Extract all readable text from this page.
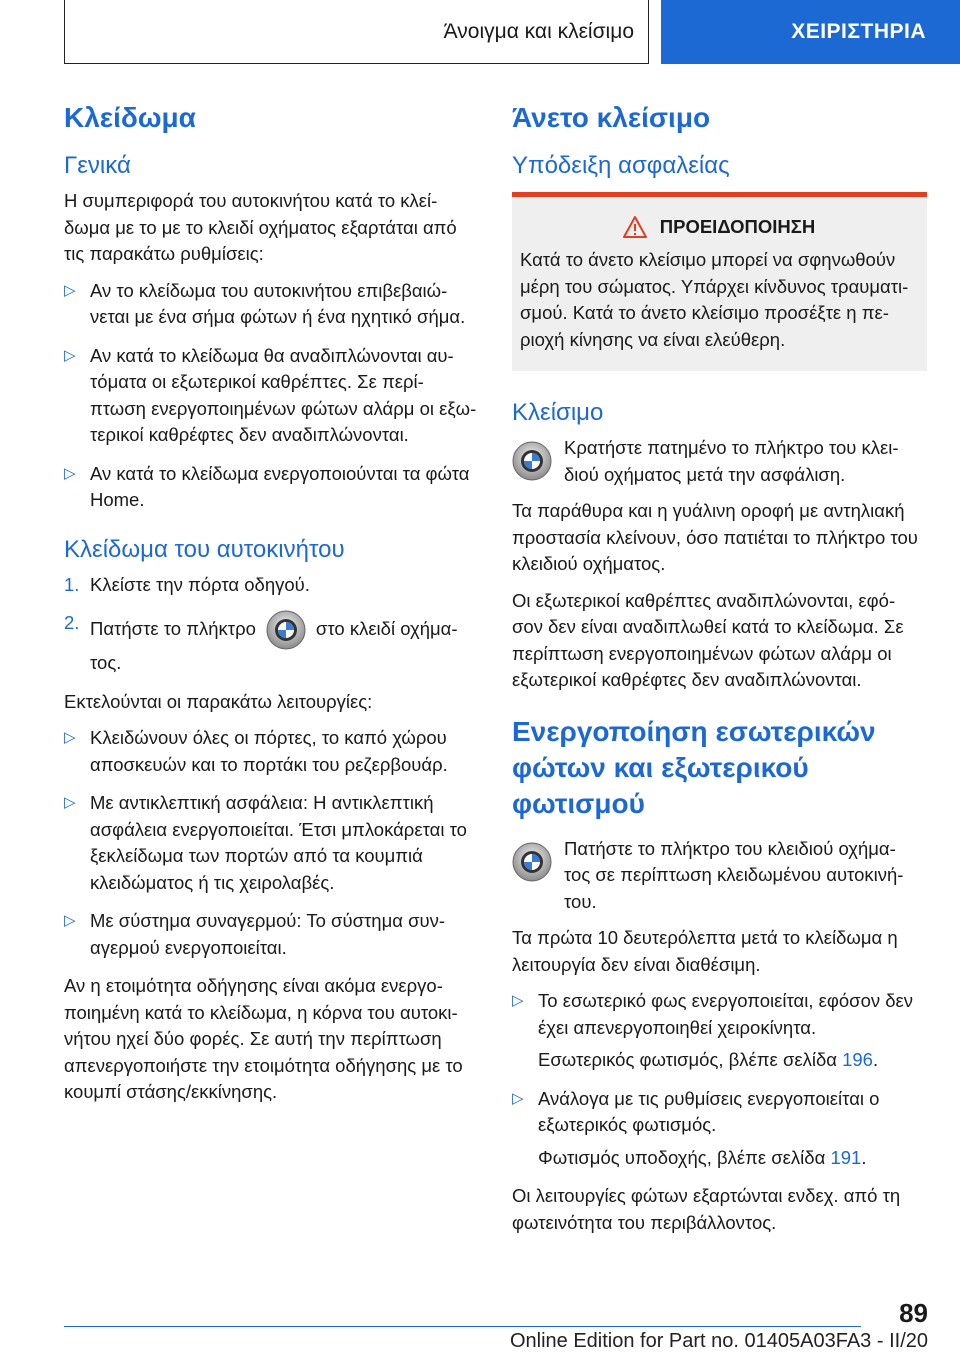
Άνοιγμα και κλείσιμο	ΧΕΙΡΙΣΤΗΡΙΑ
Κλείδωμα
Γενικά

Η συμπεριφορά του αυτοκινήτου κατά το κλεί- δωμα με το με το κλειδί οχήματος εξαρτάται από τις παρακάτω ρυθμίσεις:

▷ Αν το κλείδωμα του αυτοκινήτου επιβεβαιώ- νεται με ένα σήμα φώτων ή ένα ηχητικό σήμα.
▷ Αν κατά το κλείδωμα θα αναδιπλώνονται αυ- τόματα οι εξωτερικοί καθρέπτες. Σε περί- πτωση ενεργοποιημένων φώτων αλάρμ οι εξω- τερικοί καθρέφτες δεν αναδιπλώνονται.
▷ Αν κατά το κλείδωμα ενεργοποιούνται τα φώτα Home.
Κλείδωμα του αυτοκινήτου
1. Κλείστε την πόρτα οδηγού.
2. Πατήστε το πλήκτρο	στο κλειδί οχήμα- τος.

Εκτελούνται οι παρακάτω λειτουργίες:

▷ Κλειδώνουν όλες οι πόρτες, το καπό χώρου αποσκευών και το πορτάκι του ρεζερβουάρ.
▷ Με αντικλεπτική ασφάλεια: Η αντικλεπτική ασφάλεια ενεργοποιείται. Έτσι μπλοκάρεται το ξεκλείδωμα των πορτών από τα κουμπιά κλειδώματος ή τις χειρολαβές.
▷ Με σύστημα συναγερμού: Το σύστημα συν- αγερμού ενεργοποιείται.

Αν η ετοιμότητα οδήγησης είναι ακόμα ενεργο- ποιημένη κατά το κλείδωμα, η κόρνα του αυτοκι- νήτου ηχεί δύο φορές. Σε αυτή την περίπτωση απενεργοποιήστε την ετοιμότητα οδήγησης με το κουμπί στάσης/εκκίνησης.

Άνετο κλείσιμο
Υπόδειξη ασφαλείας
ΠΡΟΕΙΔΟΠΟΙΗΣΗ

Κατά το άνετο κλείσιμο μπορεί να σφηνωθούν μέρη του σώματος. Υπάρχει κίνδυνος τραυματι- σμού. Κατά το άνετο κλείσιμο προσέξτε η πε- ριοχή κίνησης να είναι ελεύθερη.

Κλείσιμο

Κρατήστε πατημένο το πλήκτρο του κλει- διού οχήματος μετά την ασφάλιση.

Τα παράθυρα και η γυάλινη οροφή με αντηλιακή προστασία κλείνουν, όσο πατιέται το πλήκτρο του κλειδιού οχήματος.

Οι εξωτερικοί καθρέπτες αναδιπλώνονται, εφό- σον δεν είναι αναδιπλωθεί κατά το κλείδωμα. Σε περίπτωση ενεργοποιημένων φώτων αλάρμ οι εξωτερικοί καθρέφτες δεν αναδιπλώνονται.

Ενεργοποίηση εσωτερικών φώτων και εξωτερικού φωτισμού

Πατήστε το πλήκτρο του κλειδιού οχήμα- τος σε περίπτωση κλειδωμένου αυτοκινή- του.

Τα πρώτα 10 δευτερόλεπτα μετά το κλείδωμα η λειτουργία δεν είναι διαθέσιμη.

▷ Το εσωτερικό φως ενεργοποιείται, εφόσον δεν έχει απενεργοποιηθεί χειροκίνητα.

Εσωτερικός φωτισμός, βλέπε σελίδα 196.

▷ Ανάλογα με τις ρυθμίσεις ενεργοποιείται ο εξωτερικός φωτισμός.

Φωτισμός υποδοχής, βλέπε σελίδα 191.

Οι λειτουργίες φώτων εξαρτώνται ενδεχ. από τη φωτεινότητα του περιβάλλοντος.

89
Online Edition for Part no. 01405A03FA3 - II/20
